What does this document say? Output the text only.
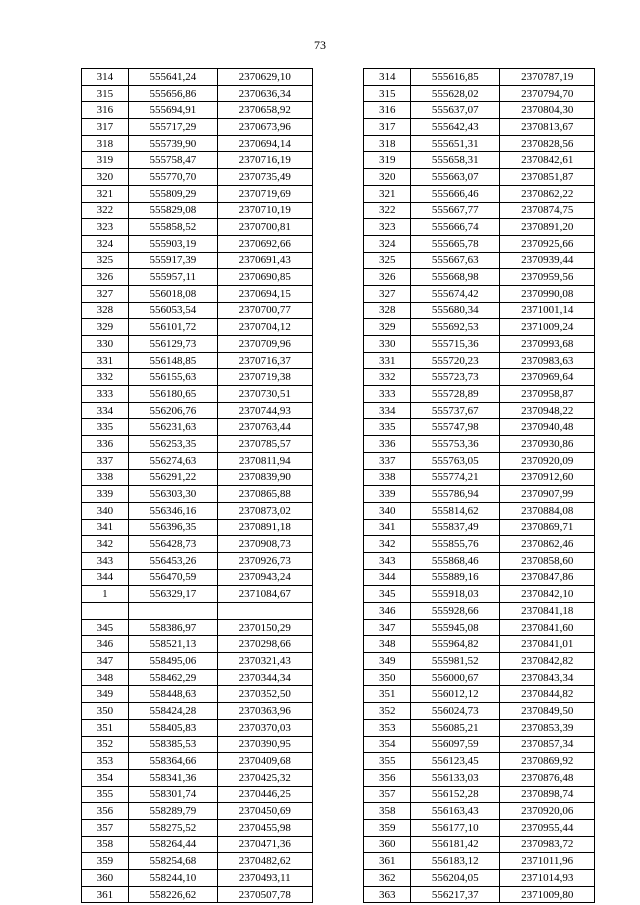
73
314	555641,24	2370629,10		314	555616,85	2370787,19
315	555656,86	2370636,34		315	555628,02	2370794,70
316	555694,91	2370658,92		316	555637,07	2370804,30
317	555717,29	2370673,96		317	555642,43	2370813,67
318	555739,90	2370694,14		318	555651,31	2370828,56
319	555758,47	2370716,19		319	555658,31	2370842,61
320	555770,70	2370735,49		320	555663,07	2370851,87
321	555809,29	2370719,69		321	555666,46	2370862,22
322	555829,08	2370710,19		322	555667,77	2370874,75
323	555858,52	2370700,81		323	555666,74	2370891,20
324	555903,19	2370692,66		324	555665,78	2370925,66
325	555917,39	2370691,43		325	555667,63	2370939,44
326	555957,11	2370690,85		326	555668,98	2370959,56
327	556018,08	2370694,15		327	555674,42	2370990,08
328	556053,54	2370700,77		328	555680,34	2371001,14
329	556101,72	2370704,12		329	555692,53	2371009,24
330	556129,73	2370709,96		330	555715,36	2370993,68
331	556148,85	2370716,37		331	555720,23	2370983,63
332	556155,63	2370719,38		332	555723,73	2370969,64
333	556180,65	2370730,51		333	555728,89	2370958,87
334	556206,76	2370744,93		334	555737,67	2370948,22
335	556231,63	2370763,44		335	555747,98	2370940,48
336	556253,35	2370785,57		336	555753,36	2370930,86
337	556274,63	2370811,94		337	555763,05	2370920,09
338	556291,22	2370839,90		338	555774,21	2370912,60
339	556303,30	2370865,88		339	555786,94	2370907,99
340	556346,16	2370873,02		340	555814,62	2370884,08
341	556396,35	2370891,18		341	555837,49	2370869,71
342	556428,73	2370908,73		342	555855,76	2370862,46
343	556453,26	2370926,73		343	555868,46	2370858,60
344	556470,59	2370943,24		344	555889,16	2370847,86
1	556329,17	2371084,67		345	555918,03	2370842,10
				346	555928,66	2370841,18
345	558386,97	2370150,29		347	555945,08	2370841,60
346	558521,13	2370298,66		348	555964,82	2370841,01
347	558495,06	2370321,43		349	555981,52	2370842,82
348	558462,29	2370344,34		350	556000,67	2370843,34
349	558448,63	2370352,50		351	556012,12	2370844,82
350	558424,28	2370363,96		352	556024,73	2370849,50
351	558405,83	2370370,03		353	556085,21	2370853,39
352	558385,53	2370390,95		354	556097,59	2370857,34
353	558364,66	2370409,68		355	556123,45	2370869,92
354	558341,36	2370425,32		356	556133,03	2370876,48
355	558301,74	2370446,25		357	556152,28	2370898,74
356	558289,79	2370450,69		358	556163,43	2370920,06
357	558275,52	2370455,98		359	556177,10	2370955,44
358	558264,44	2370471,36		360	556181,42	2370983,72
359	558254,68	2370482,62		361	556183,12	2371011,96
360	558244,10	2370493,11		362	556204,05	2371014,93
361	558226,62	2370507,78		363	556217,37	2371009,80
